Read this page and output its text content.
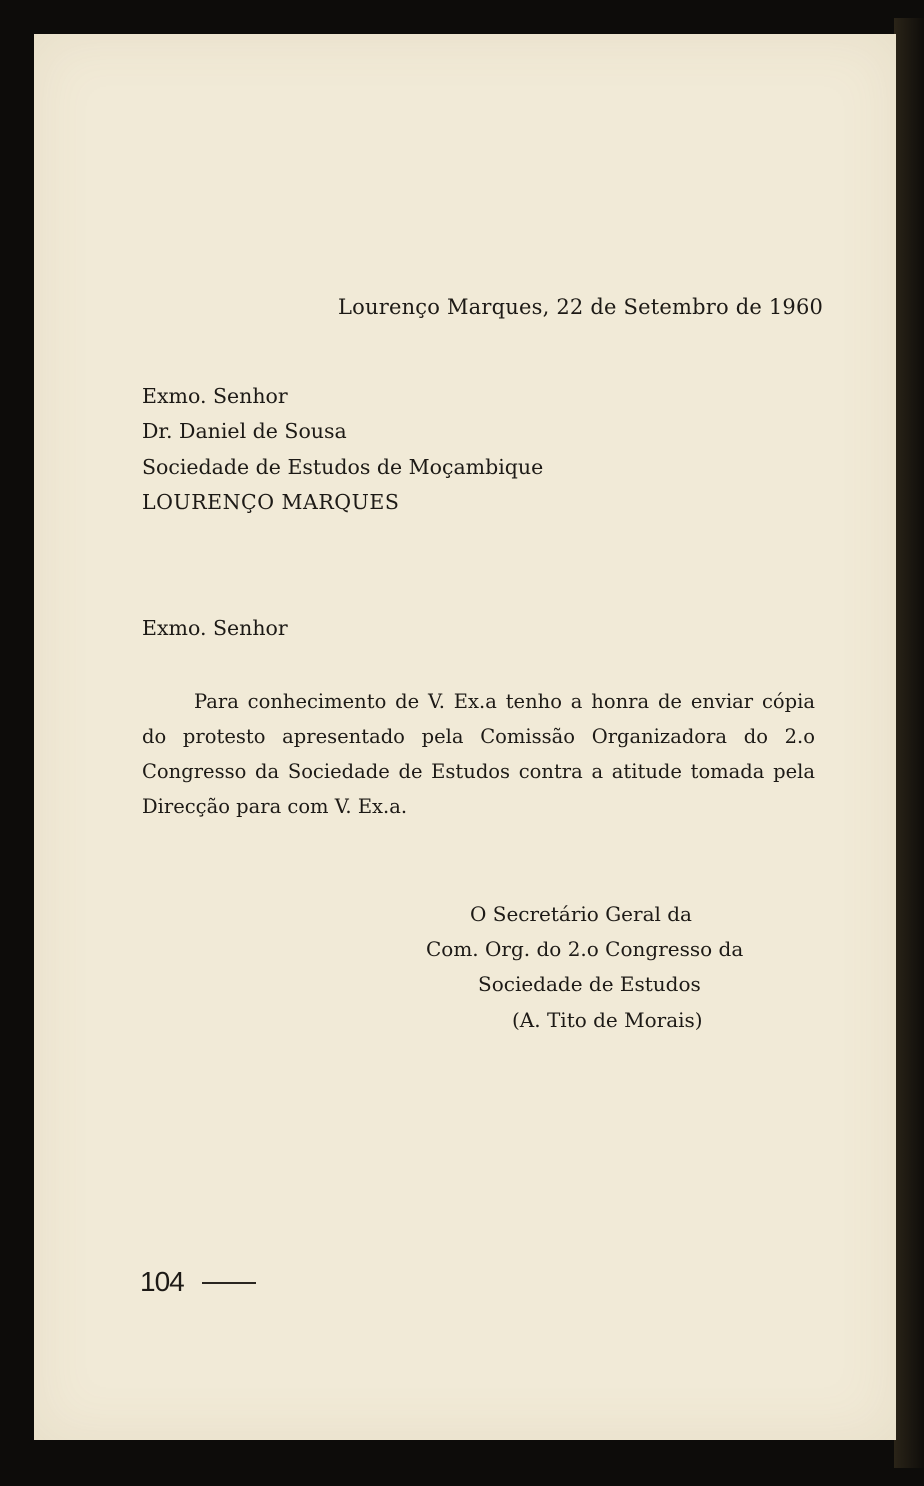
Lourenço Marques, 22 de Setembro de 1960
Exmo. Senhor
Dr. Daniel de Sousa
Sociedade de Estudos de Moçambique
LOURENÇO MARQUES
Exmo. Senhor
Para conhecimento de V. Ex.a tenho a honra de enviar cópia do protesto apresentado pela Comissão Organizadora do 2.o Congresso da Sociedade de Estudos contra a atitude tomada pela Direcção para com V. Ex.a.
O Secretário Geral da
Com. Org. do 2.o Congresso da
Sociedade de Estudos
(A. Tito de Morais)
104
